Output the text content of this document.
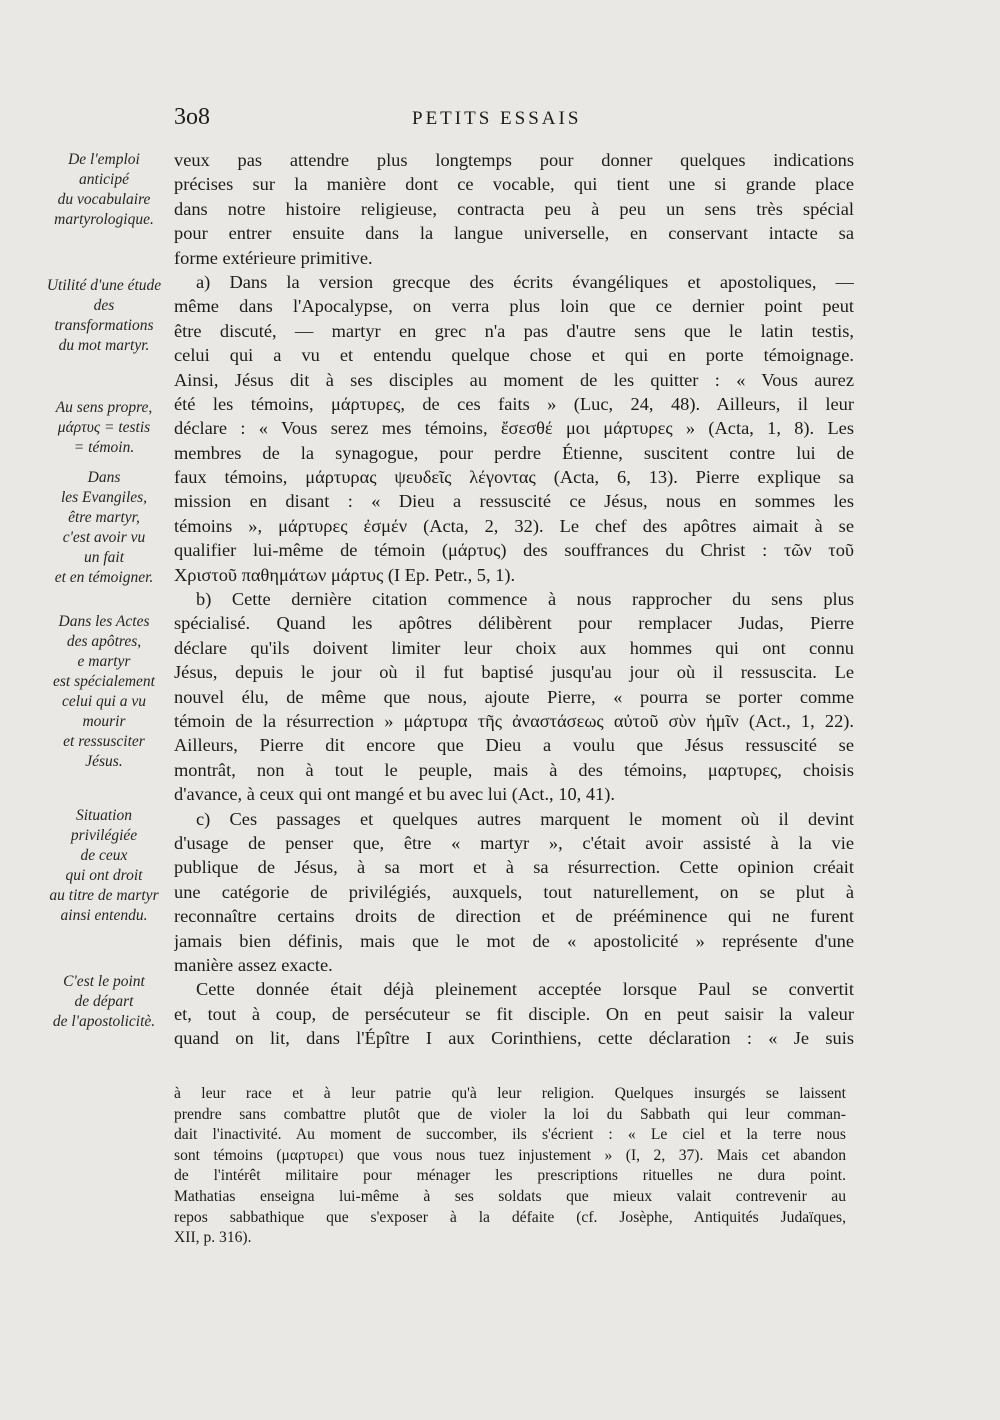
3o8	PETITS ESSAIS

De l'emploi
anticipé
du vocabulaire
martyrologique.

Utilité d'une étude
des
transformations
du mot martyr.

Au sens propre,
μάρτυς = testis
= témoin.

Dans
les Evangiles,
être martyr,
c'est avoir vu
un fait
et en témoigner.

Dans les Actes
des apôtres,
e martyr
est spécialement
celui qui a vu
mourir
et ressusciter
Jésus.

Situation
privilégiée
de ceux
qui ont droit
au titre de martyr
ainsi entendu.

C'est le point
de départ
de l'apostolicitè.

veux pas attendre plus longtemps pour donner quelques indications
précises sur la manière dont ce vocable, qui tient une si grande place
dans notre histoire religieuse, contracta peu à peu un sens très spécial
pour entrer ensuite dans la langue universelle, en conservant intacte sa
forme extérieure primitive.
a) Dans la version grecque des écrits évangéliques et apostoliques, —
même dans l'Apocalypse, on verra plus loin que ce dernier point peut
être discuté, — martyr en grec n'a pas d'autre sens que le latin testis,
celui qui a vu et entendu quelque chose et qui en porte témoignage.
Ainsi, Jésus dit à ses disciples au moment de les quitter : « Vous aurez
été les témoins, μάρτυρες, de ces faits » (Luc, 24, 48). Ailleurs, il leur
déclare : « Vous serez mes témoins, ἔσεσθέ μοι μάρτυρες » (Acta, 1, 8). Les
membres de la synagogue, pour perdre Étienne, suscitent contre lui de
faux témoins, μάρτυρας ψευδεῖς λέγοντας (Acta, 6, 13). Pierre explique sa
mission en disant : « Dieu a ressuscité ce Jésus, nous en sommes les
témoins », μάρτυρες ἐσμέν (Acta, 2, 32). Le chef des apôtres aimait à se
qualifier lui-même de témoin (μάρτυς) des souffrances du Christ : τῶν τοῦ
Χριστοῦ παθημάτων μάρτυς (I Ep. Petr., 5, 1).
b) Cette dernière citation commence à nous rapprocher du sens plus
spécialisé. Quand les apôtres délibèrent pour remplacer Judas, Pierre
déclare qu'ils doivent limiter leur choix aux hommes qui ont connu
Jésus, depuis le jour où il fut baptisé jusqu'au jour où il ressuscita. Le
nouvel élu, de même que nous, ajoute Pierre, « pourra se porter comme
témoin de la résurrection » μάρτυρα τῆς ἀναστάσεως αὐτοῦ σὺν ἡμῖν (Act., 1, 22).
Ailleurs, Pierre dit encore que Dieu a voulu que Jésus ressuscité se
montrât, non à tout le peuple, mais à des témoins, μαρτυρες, choisis
d'avance, à ceux qui ont mangé et bu avec lui (Act., 10, 41).
c) Ces passages et quelques autres marquent le moment où il devint
d'usage de penser que, être « martyr », c'était avoir assisté à la vie
publique de Jésus, à sa mort et à sa résurrection. Cette opinion créait
une catégorie de privilégiés, auxquels, tout naturellement, on se plut à
reconnaître certains droits de direction et de prééminence qui ne furent
jamais bien définis, mais que le mot de « apostolicité » représente d'une
manière assez exacte.
Cette donnée était déjà pleinement acceptée lorsque Paul se convertit
et, tout à coup, de persécuteur se fit disciple. On en peut saisir la valeur
quand on lit, dans l'Épître I aux Corinthiens, cette déclaration : « Je suis
à leur race et à leur patrie qu'à leur religion. Quelques insurgés se laissent
prendre sans combattre plutôt que de violer la loi du Sabbath qui leur comman-
dait l'inactivité. Au moment de succomber, ils s'écrient : « Le ciel et la terre nous
sont témoins (μαρτυρει) que vous nous tuez injustement » (I, 2, 37). Mais cet abandon
de l'intérêt militaire pour ménager les prescriptions rituelles ne dura point.
Mathatias enseigna lui-même à ses soldats que mieux valait contrevenir au
repos sabbathique que s'exposer à la défaite (cf. Josèphe, Antiquités Judaïques,
XII, p. 316).
